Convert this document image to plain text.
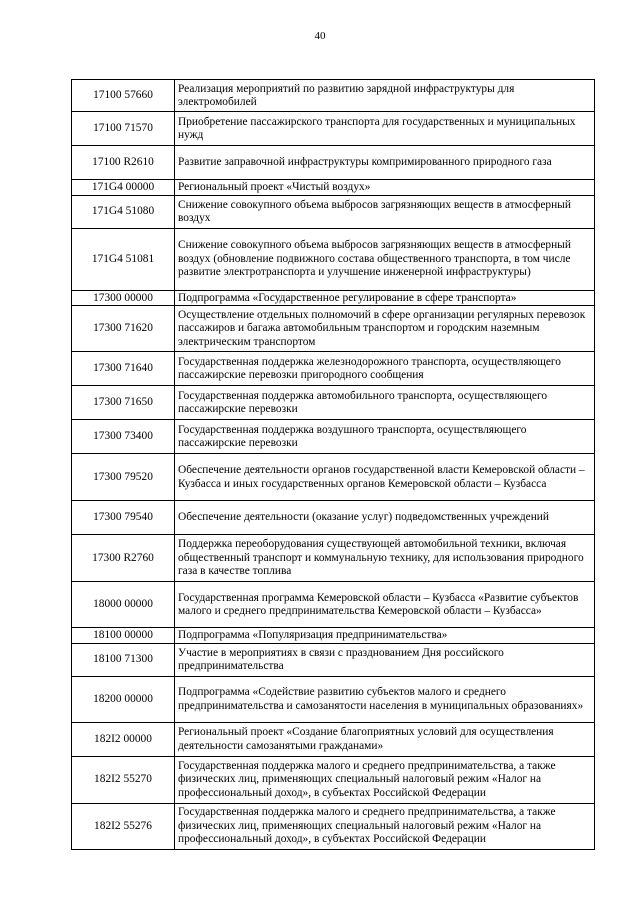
40
17100 57660	Реализация мероприятий по развитию зарядной инфраструктуры для электромобилей
17100 71570	Приобретение пассажирского транспорта для государственных и муниципальных нужд
17100 R2610	Развитие заправочной инфраструктуры компримированного природного газа
171G4 00000	Региональный проект «Чистый воздух»
171G4 51080	Снижение совокупного объема выбросов загрязняющих веществ в атмосферный воздух
171G4 51081	Снижение совокупного объема выбросов загрязняющих веществ в атмосферный воздух (обновление подвижного состава общественного транспорта, в том числе развитие электротранспорта и улучшение инженерной инфраструктуры)
17300 00000	Подпрограмма «Государственное регулирование в сфере транспорта»
17300 71620	Осуществление отдельных полномочий в сфере организации регулярных перевозок пассажиров и багажа автомобильным транспортом и городским наземным электрическим транспортом
17300 71640	Государственная поддержка железнодорожного транспорта, осуществляющего пассажирские перевозки пригородного сообщения
17300 71650	Государственная поддержка автомобильного транспорта, осуществляющего пассажирские перевозки
17300 73400	Государственная поддержка воздушного транспорта, осуществляющего пассажирские перевозки
17300 79520	Обеспечение деятельности органов государственной власти Кемеровской области – Кузбасса и иных государственных органов Кемеровской области – Кузбасса
17300 79540	Обеспечение деятельности (оказание услуг) подведомственных учреждений
17300 R2760	Поддержка переоборудования существующей автомобильной техники, включая общественный транспорт и коммунальную технику, для использования природного газа в качестве топлива
18000 00000	Государственная программа Кемеровской области – Кузбасса «Развитие субъектов малого и среднего предпринимательства Кемеровской области – Кузбасса»
18100 00000	Подпрограмма «Популяризация предпринимательства»
18100 71300	Участие в мероприятиях в связи с празднованием Дня российского предпринимательства
18200 00000	Подпрограмма «Содействие развитию субъектов малого и среднего предпринимательства и самозанятости населения в муниципальных образованиях»
182I2 00000	Региональный проект «Создание благоприятных условий для осуществления деятельности самозанятыми гражданами»
182I2 55270	Государственная поддержка малого и среднего предпринимательства, а также физических лиц, применяющих специальный налоговый режим «Налог на профессиональный доход», в субъектах Российской Федерации
182I2 55276	Государственная поддержка малого и среднего предпринимательства, а также физических лиц, применяющих специальный налоговый режим «Налог на профессиональный доход», в субъектах Российской Федерации
